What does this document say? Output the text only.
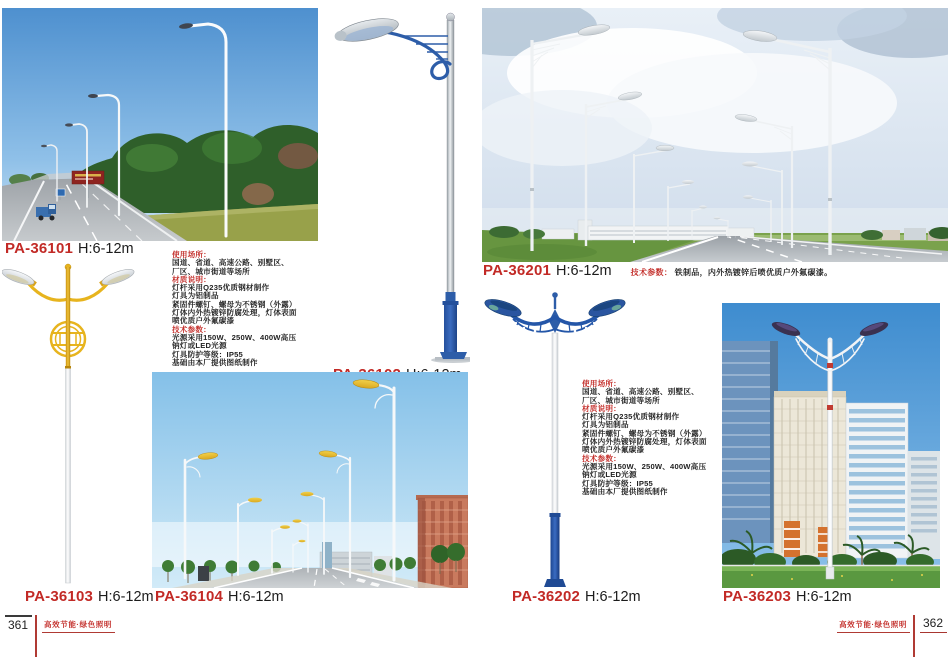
PA-36101 H:6-12m
PA-36201 H:6-12m 技术参数： 铁制品，内外热镀锌后喷优质户外氟碳漆。
PA-36103 H:6-12m
使用场所：
国道、省道、高速公路、别墅区、
厂区、城市街道等场所
材质说明：
灯杆采用Q235优质钢材制作
灯具为铝制品
紧固件螺钉、螺母为不锈钢（外露）
灯体内外热镀锌防腐处理，灯体表面
喷优质户外氟碳漆
技术参数：
光源采用150W、250W、400W高压
钠灯或LED光源
灯具防护等级：IP55
基础由本厂提供图纸制作
PA-36104 H:6-12m	PA-36202 H:6-12m
使用场所：
国道、省道、高速公路、别墅区、
厂区、城市街道等场所
材质说明：
灯杆采用Q235优质钢材制作
灯具为铝制品
紧固件螺钉、螺母为不锈钢（外露）
灯体内外热镀锌防腐处理，灯体表面
喷优质户外氟碳漆
技术参数：
光源采用150W、250W、400W高压
钠灯或LED光源
灯具防护等级：IP55
基础由本厂提供图纸制作
PA-36203 H:6-12m
361	高效节能·绿色照明	高效节能·绿色照明 362
